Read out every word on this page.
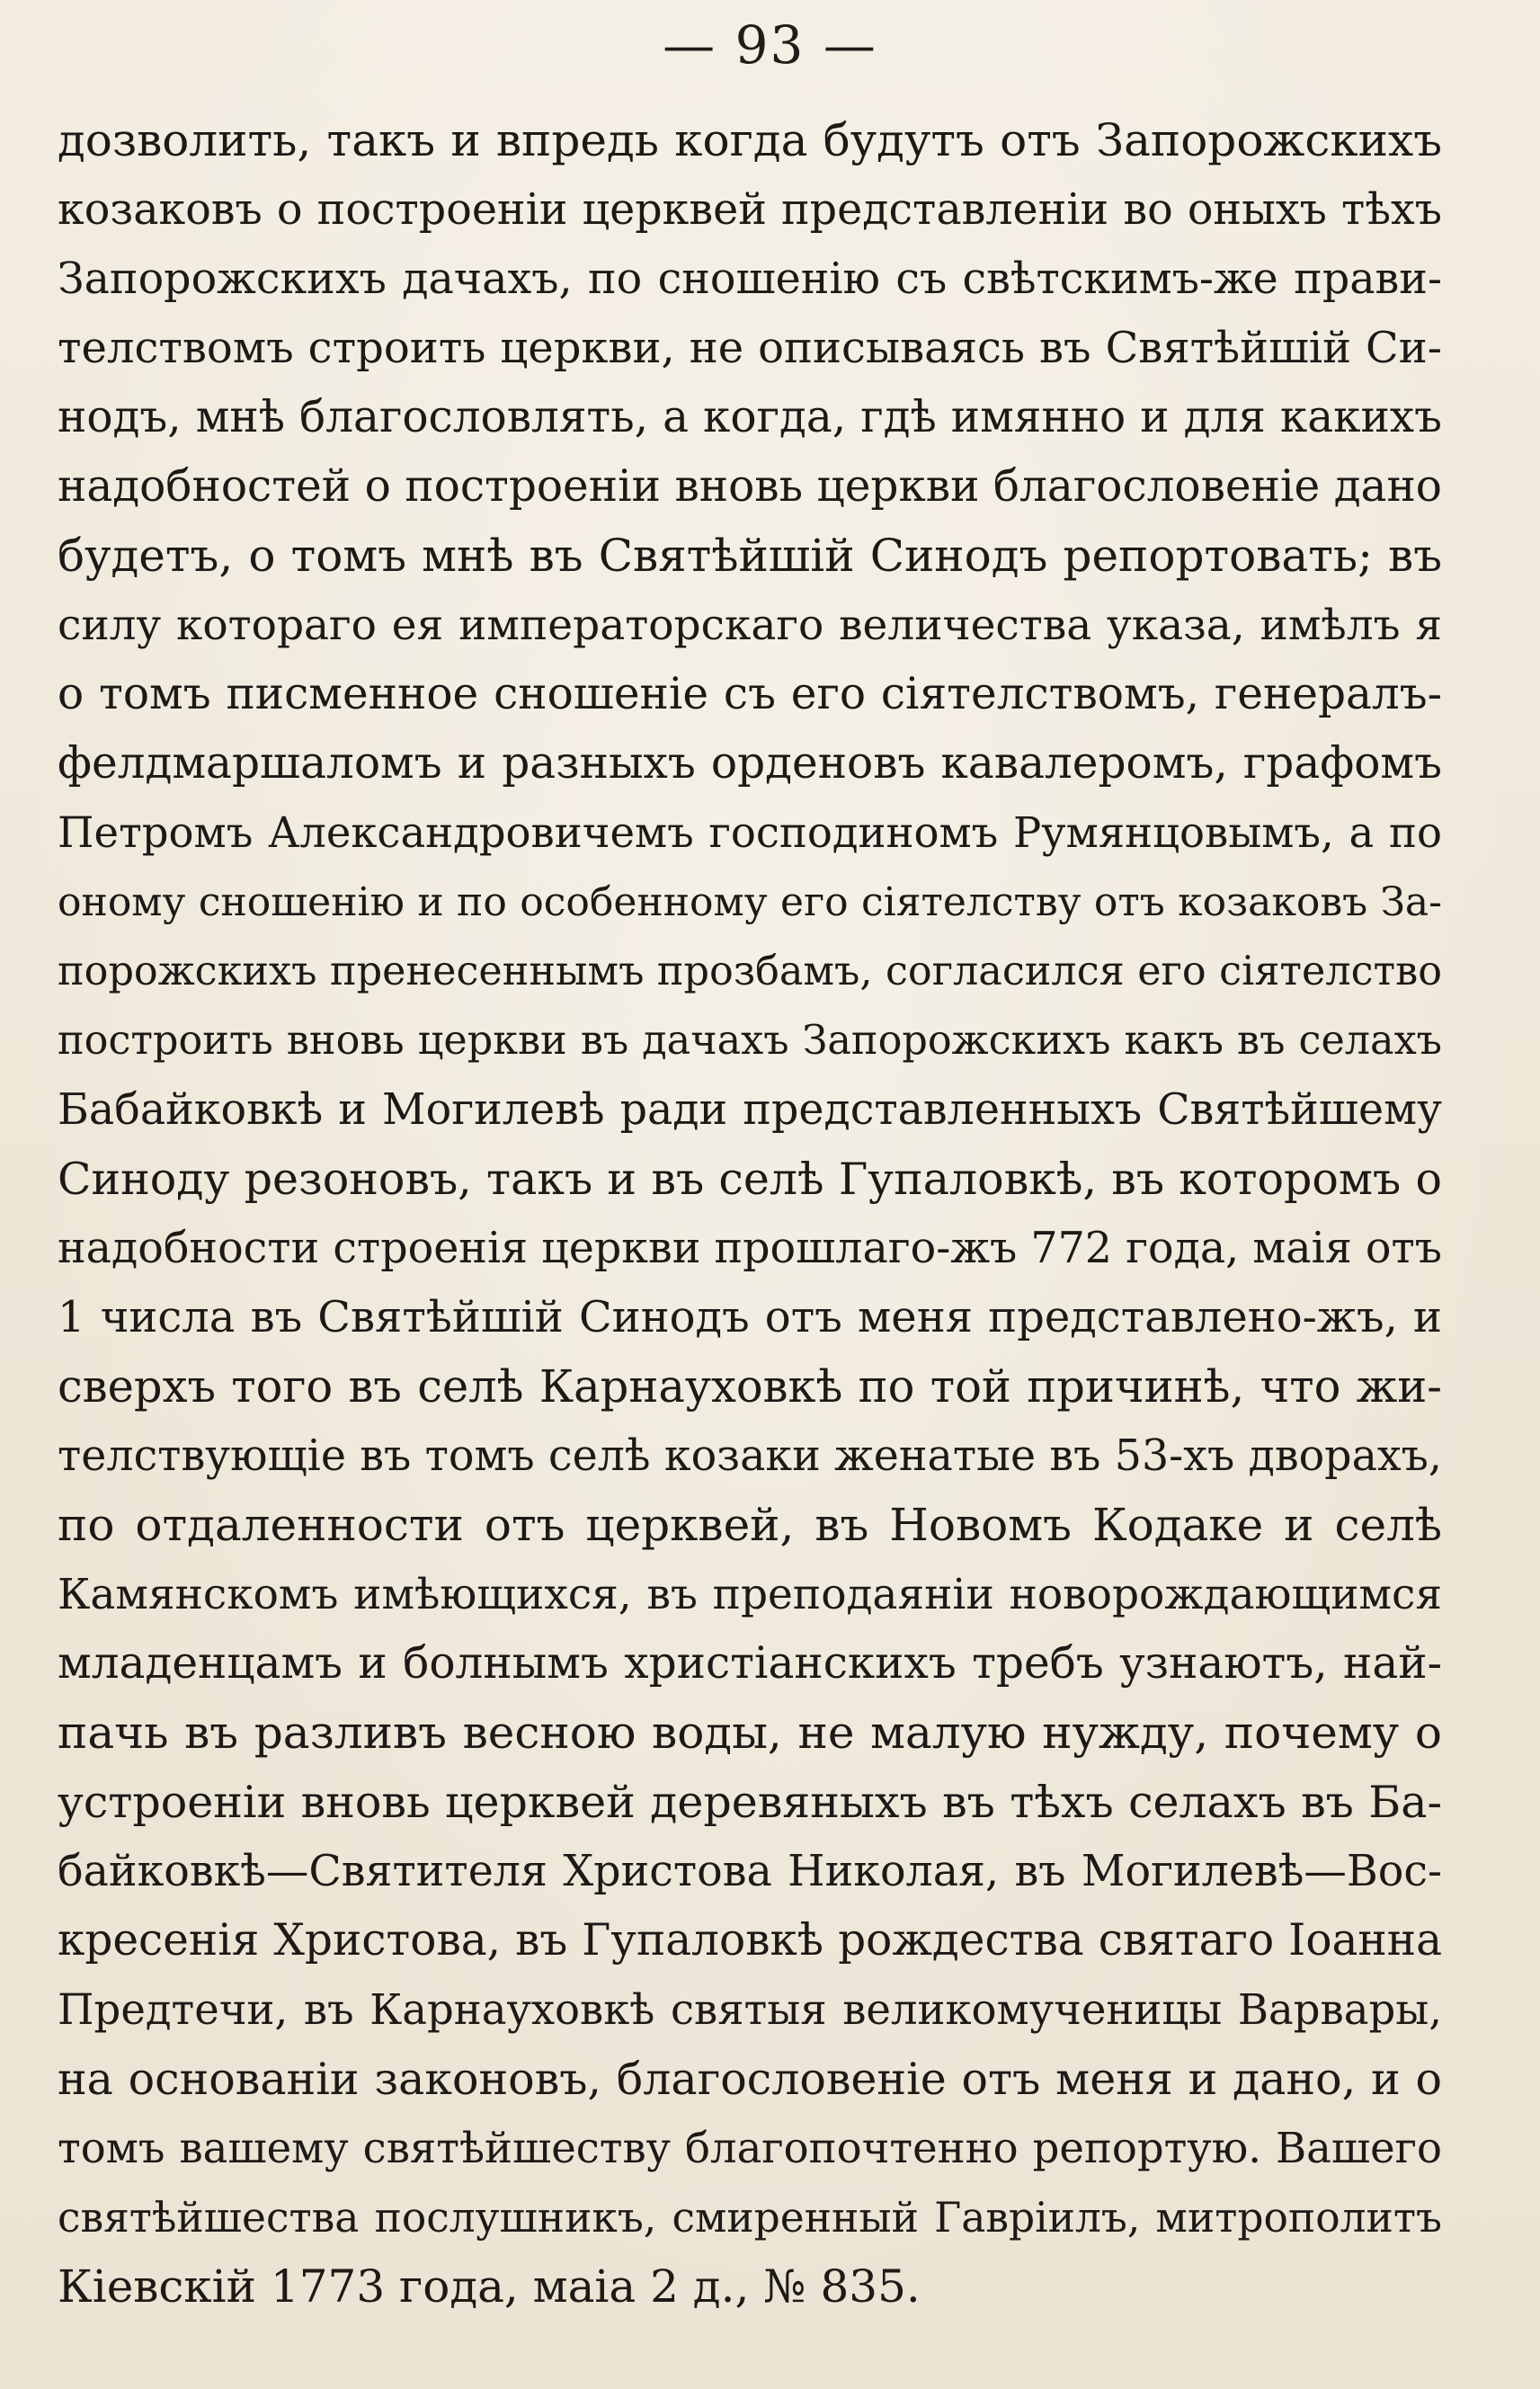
— 93 —
дозволить, такъ и впредь когда будутъ отъ Запорожскихъ
козаковъ о построеніи церквей представленіи во оныхъ тѣхъ
Запорожскихъ дачахъ, по сношенію съ свѣтскимъ-же прави-
телствомъ строить церкви, не описываясь въ Святѣйшій Си-
нодъ, мнѣ благословлять, а когда, гдѣ имянно и для какихъ
надобностей о построеніи вновь церкви благословеніе дано
будетъ, о томъ мнѣ въ Святѣйшій Синодъ репортовать; въ
силу котораго ея императорскаго величества указа, имѣлъ я
о томъ писменное сношеніе съ его сіятелствомъ, генералъ-
фелдмаршаломъ и разныхъ орденовъ кавалеромъ, графомъ
Петромъ Александровичемъ господиномъ Румянцовымъ, а по
оному сношенію и по особенному его сіятелству отъ козаковъ За-
порожскихъ пренесеннымъ прозбамъ, согласился его сіятелство
построить вновь церкви въ дачахъ Запорожскихъ какъ въ селахъ
Бабайковкѣ и Могилевѣ ради представленныхъ Святѣйшему
Синоду резоновъ, такъ и въ селѣ Гупаловкѣ, въ которомъ о
надобности строенія церкви прошлаго-жъ 772 года, маія отъ
1 числа въ Святѣйшій Синодъ отъ меня представлено-жъ, и
сверхъ того въ селѣ Карнауховкѣ по той причинѣ, что жи-
телствующіе въ томъ селѣ козаки женатые въ 53-хъ дворахъ,
по отдаленности отъ церквей, въ Новомъ Кодаке и селѣ
Камянскомъ имѣющихся, въ преподаяніи новорождающимся
младенцамъ и болнымъ христіанскихъ требъ узнаютъ, най-
пачь въ разливъ весною воды, не малую нужду, почему о
устроеніи вновь церквей деревяныхъ въ тѣхъ селахъ въ Ба-
байковкѣ—Святителя Христова Николая, въ Могилевѣ—Вос-
кресенія Христова, въ Гупаловкѣ рождества святаго Іоанна
Предтечи, въ Карнауховкѣ святыя великомученицы Варвары,
на основаніи законовъ, благословеніе отъ меня и дано, и о
томъ вашему святѣйшеству благопочтенно репортую. Вашего
святѣйшества послушникъ, смиренный Гавріилъ, митрополитъ
Кіевскій 1773 года, маіа 2 д., № 835.
